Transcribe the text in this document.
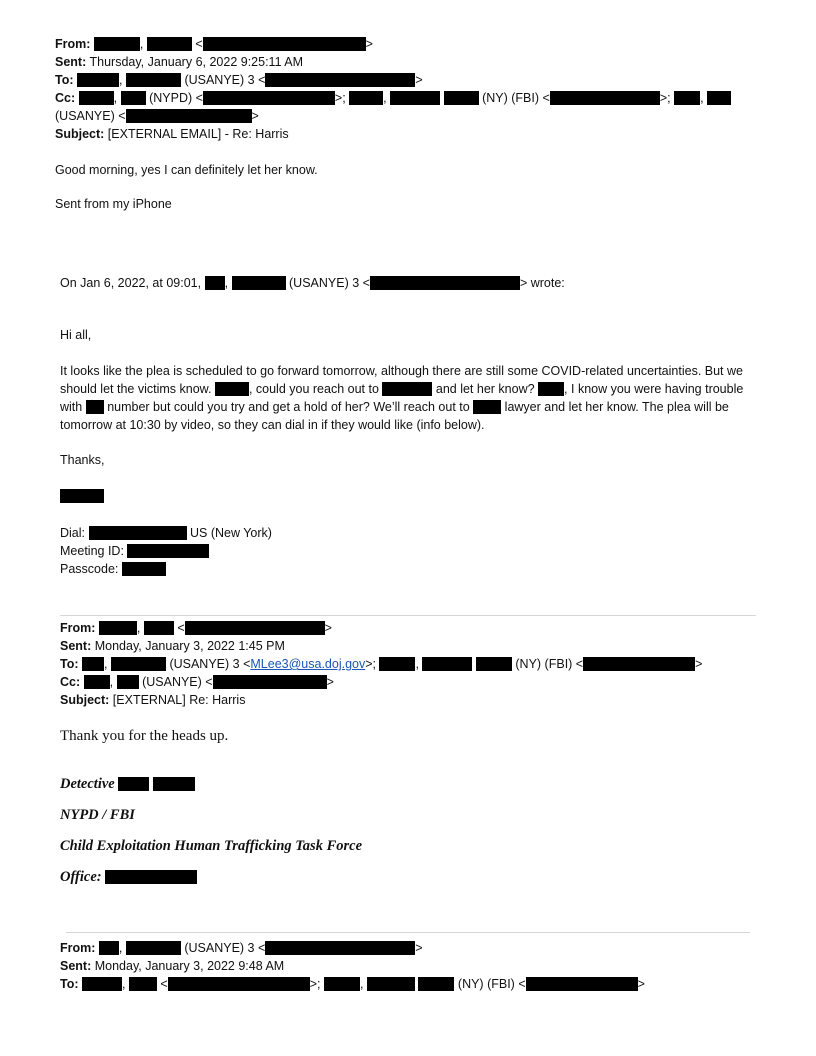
From:	,	<	>
Sent: Thursday, January 6, 2022 9:25:11 AM
To:	,	(USANYE) 3 <	>
Cc:	,  (NYPD) <	>;	,	(NY) (FBI) <	>; ,
(USANYE) <	>
Subject: [EXTERNAL EMAIL] - Re: Harris
Good morning, yes I can definitely let her know.
Sent from my iPhone
On Jan 6, 2022, at 09:01, ,	(USANYE) 3 <	> wrote:
Hi all,
It looks like the plea is scheduled to go forward tomorrow, although there are still some COVID-related uncertainties. But we should let the victims know.	, could you reach out to	and let her know? , I know you were having trouble with number but could you try and get a hold of her? We’ll reach out to	lawyer and let her know. The plea will be tomorrow at 10:30 by video, so they can dial in if they would like (info below).
Thanks,
Dial:	US (New York)
Meeting ID:
Passcode:
From:	,  <	>
Sent: Monday, January 3, 2022 1:45 PM
To: ,	(USANYE) 3 <MLee3@usa.doj.gov>;	,	(NY) (FBI) <	>
Cc: ,  (USANYE) <	>
Subject: [EXTERNAL] Re: Harris
Thank you for the heads up.
Detective
NYPD / FBI
Child Exploitation Human Trafficking Task Force
Office:
From: ,	(USANYE) 3 <	>
Sent: Monday, January 3, 2022 9:48 AM
To:	,  <	>;	,	(NY) (FBI) <	>
